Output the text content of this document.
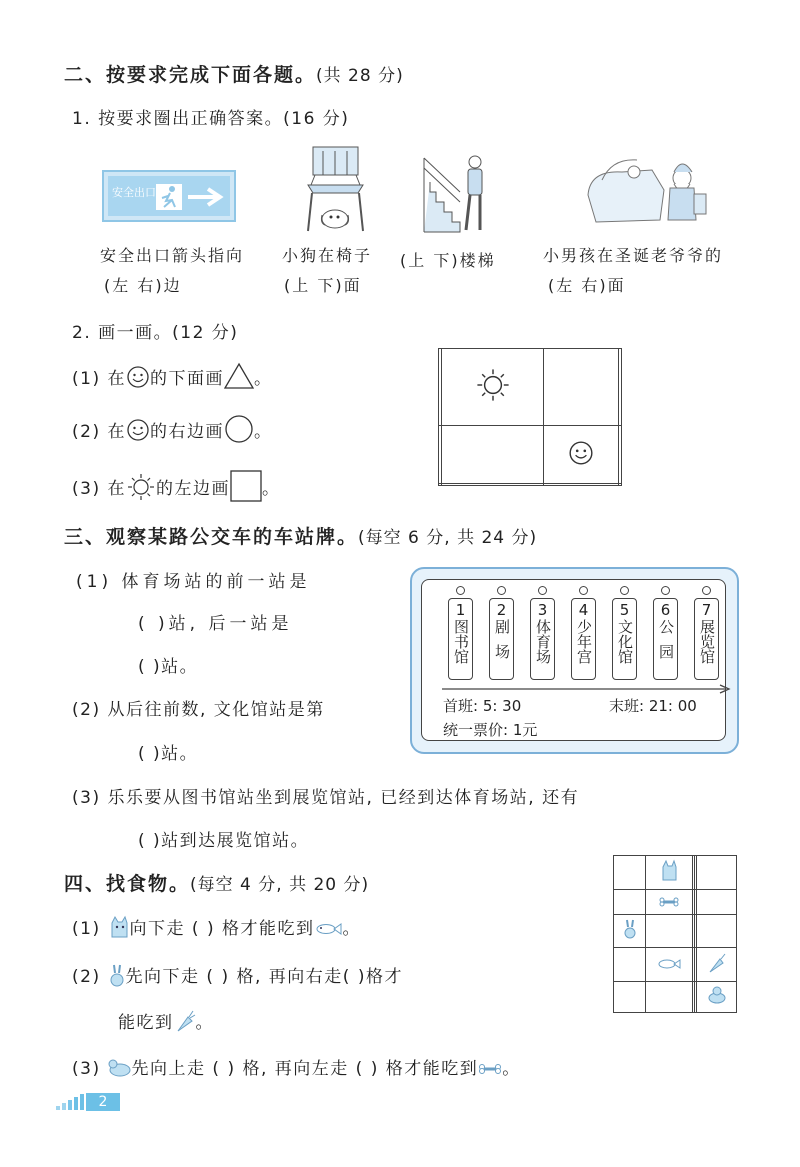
二、按要求完成下面各题。(共 28 分)
1. 按要求圈出正确答案。(16 分)
安全出口
安全出口箭头指向
(左 右)边
小狗在椅子
(上 下)面
(上 下)楼梯	小男孩在圣诞老爷爷的
(左 右)面
2. 画一画。(12 分)
(1) 在 的下面画 。
(2) 在 的右边画 。
(3) 在 的左边画 。

三、观察某路公交车的车站牌。(每空 6 分, 共 24 分)
(1) 体育场站的前一站是
( )站, 后一站是
( )站。
(2) 从后往前数, 文化馆站是第
( )站。
(3) 乐乐要从图书馆站坐到展览馆站, 已经到达体育场站, 还有
( )站到达展览馆站。
1
图书馆
2
剧场
3
体育场
4
少年宫
5
文化馆
6
公园
7
展览馆
首班: 5: 30	末班: 21: 00
统一票价: 1元
四、找食物。(每空 4 分, 共 20 分)
(1) 向下走 ( ) 格才能吃到 。
(2) 先向下走 ( ) 格, 再向右走( )格才
能吃到 。
(3) 先向上走 ( ) 格, 再向左走 ( ) 格才能吃到 。

2
